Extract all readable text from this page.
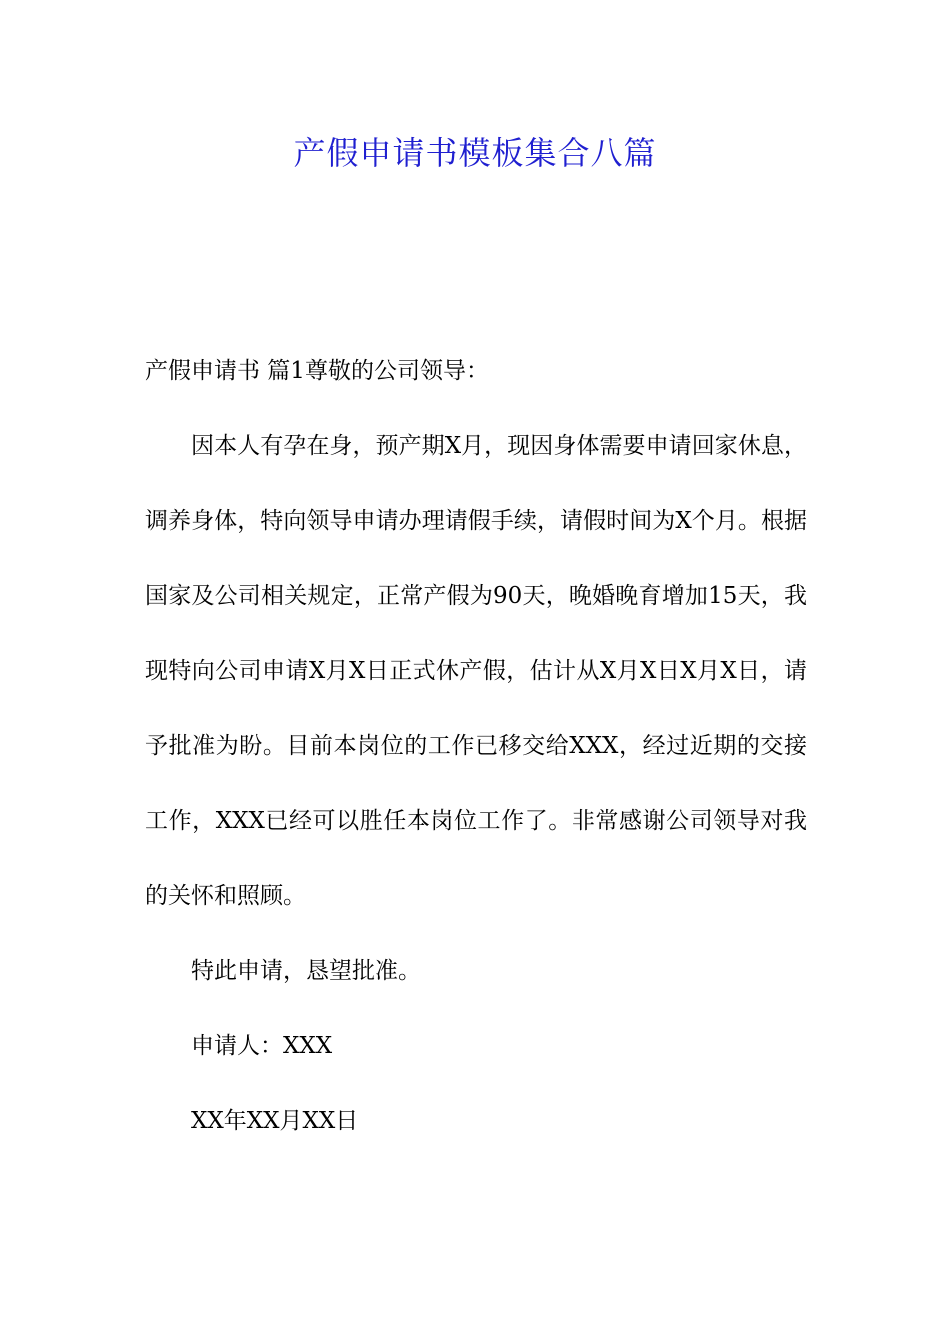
产假申请书模板集合八篇
产假申请书 篇1尊敬的公司领导：
因本人有孕在身，预产期X月，现因身体需要申请回家休息，调养身体，特向领导申请办理请假手续，请假时间为X个月。根据国家及公司相关规定，正常产假为90天，晚婚晚育增加15天，我现特向公司申请X月X日正式休产假，估计从X月X日X月X日，请予批准为盼。目前本岗位的工作已移交给XXX，经过近期的交接工作，XXX已经可以胜任本岗位工作了。非常感谢公司领导对我的关怀和照顾。
特此申请，恳望批准。
申请人：XXX
XX年XX月XX日
